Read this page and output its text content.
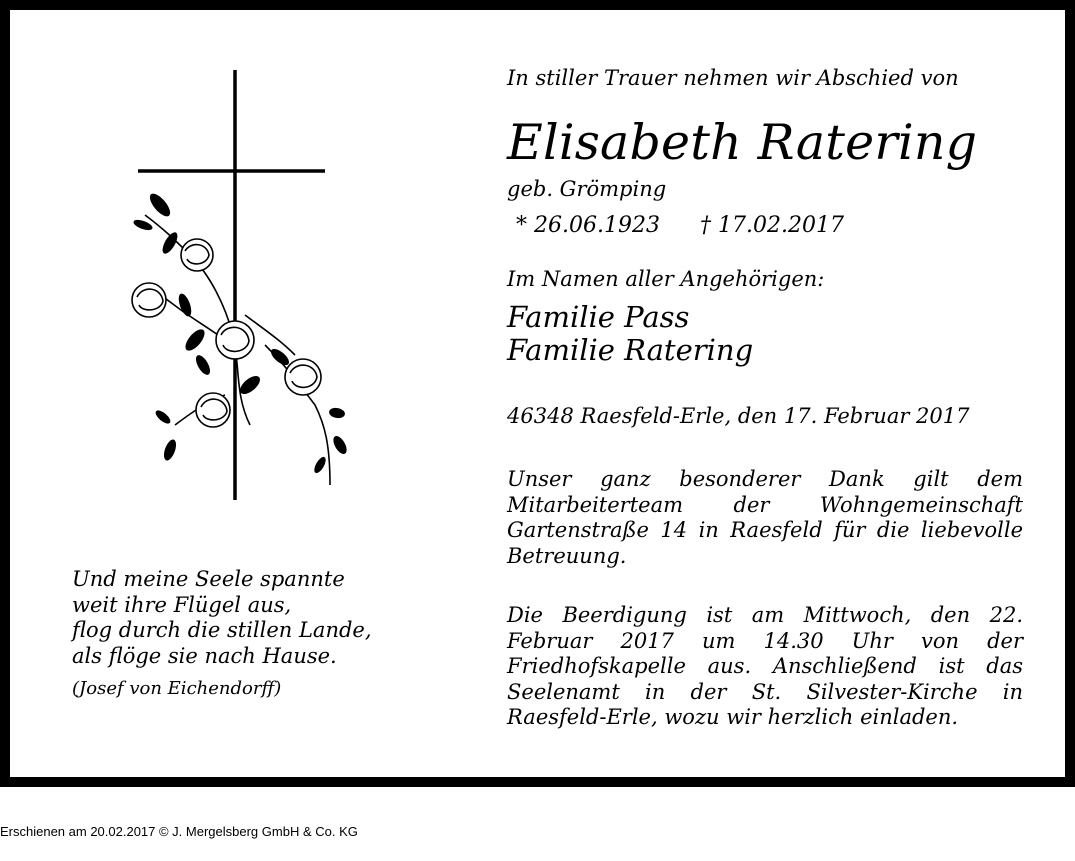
In stiller Trauer nehmen wir Abschied von
Elisabeth Ratering
geb. Grömping
* 26.06.1923 † 17.02.2017
Im Namen aller Angehörigen:
Familie Pass
Familie Ratering
46348 Raesfeld-Erle, den 17. Februar 2017

Unser ganz besonderer Dank gilt dem Mitarbeiterteam der Wohngemeinschaft Gartenstraße 14 in Raesfeld für die liebevolle Betreuung.

Die Beerdigung ist am Mittwoch, den 22. Februar 2017 um 14.30 Uhr von der Friedhofskapelle aus. Anschließend ist das Seelenamt in der St. Silvester-Kirche in Raesfeld-Erle, wozu wir herzlich einladen.

Und meine Seele spannte
weit ihre Flügel aus,
flog durch die stillen Lande,
als flöge sie nach Hause.
(Josef von Eichendorff)
Erschienen am 20.02.2017 © J. Mergelsberg GmbH & Co. KG
